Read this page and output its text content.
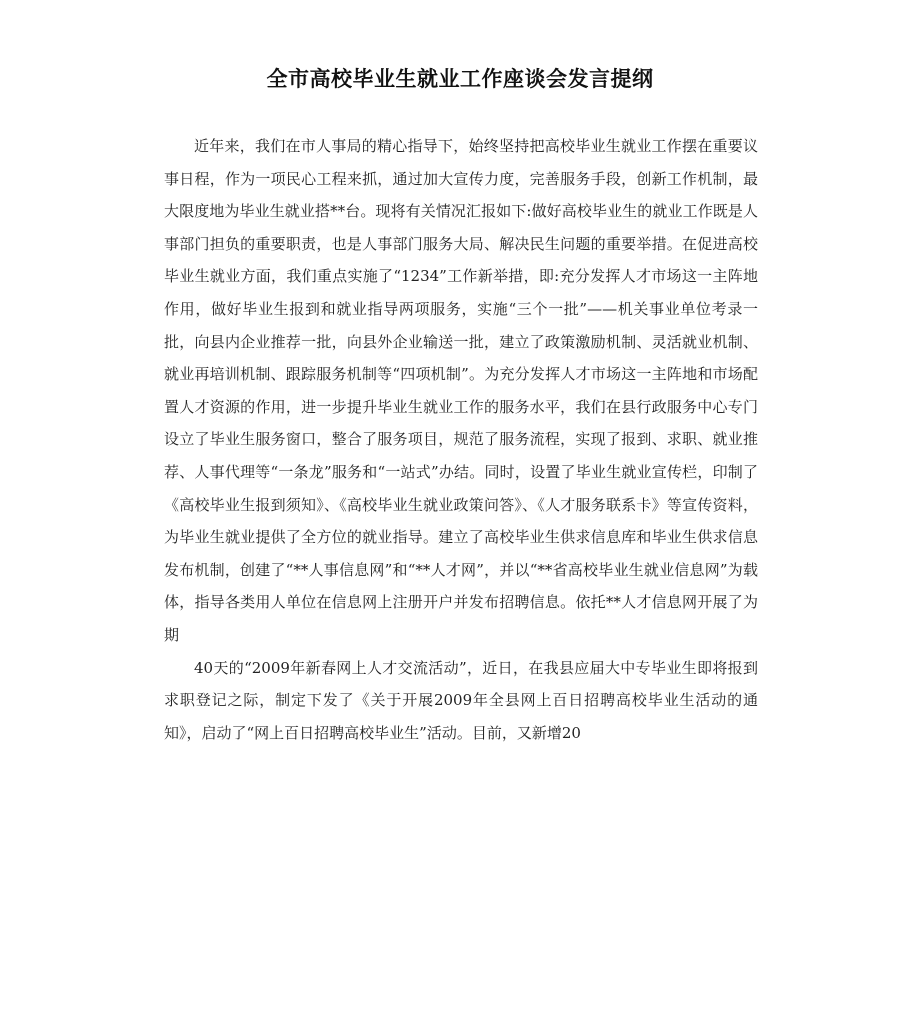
全市高校毕业生就业工作座谈会发言提纲

近年来，我们在市人事局的精心指导下，始终坚持把高校毕业生就业工作摆在重要议事日程，作为一项民心工程来抓，通过加大宣传力度，完善服务手段，创新工作机制，最大限度地为毕业生就业搭**台。现将有关情况汇报如下:做好高校毕业生的就业工作既是人事部门担负的重要职责，也是人事部门服务大局、解决民生问题的重要举措。在促进高校毕业生就业方面，我们重点实施了“1234”工作新举措，即:充分发挥人才市场这一主阵地作用，做好毕业生报到和就业指导两项服务，实施“三个一批”——机关事业单位考录一批，向县内企业推荐一批，向县外企业输送一批，建立了政策激励机制、灵活就业机制、就业再培训机制、跟踪服务机制等“四项机制”。为充分发挥人才市场这一主阵地和市场配置人才资源的作用，进一步提升毕业生就业工作的服务水平，我们在县行政服务中心专门设立了毕业生服务窗口，整合了服务项目，规范了服务流程，实现了报到、求职、就业推荐、人事代理等“一条龙”服务和“一站式”办结。同时，设置了毕业生就业宣传栏，印制了《高校毕业生报到须知》、《高校毕业生就业政策问答》、《人才服务联系卡》等宣传资料，为毕业生就业提供了全方位的就业指导。建立了高校毕业生供求信息库和毕业生供求信息发布机制，创建了“**人事信息网”和“**人才网”，并以“**省高校毕业生就业信息网”为载体，指导各类用人单位在信息网上注册开户并发布招聘信息。依托**人才信息网开展了为期

40天的“2009年新春网上人才交流活动”，近日，在我县应届大中专毕业生即将报到求职登记之际，制定下发了《关于开展2009年全县网上百日招聘高校毕业生活动的通知》，启动了“网上百日招聘高校毕业生”活动。目前，又新增20
